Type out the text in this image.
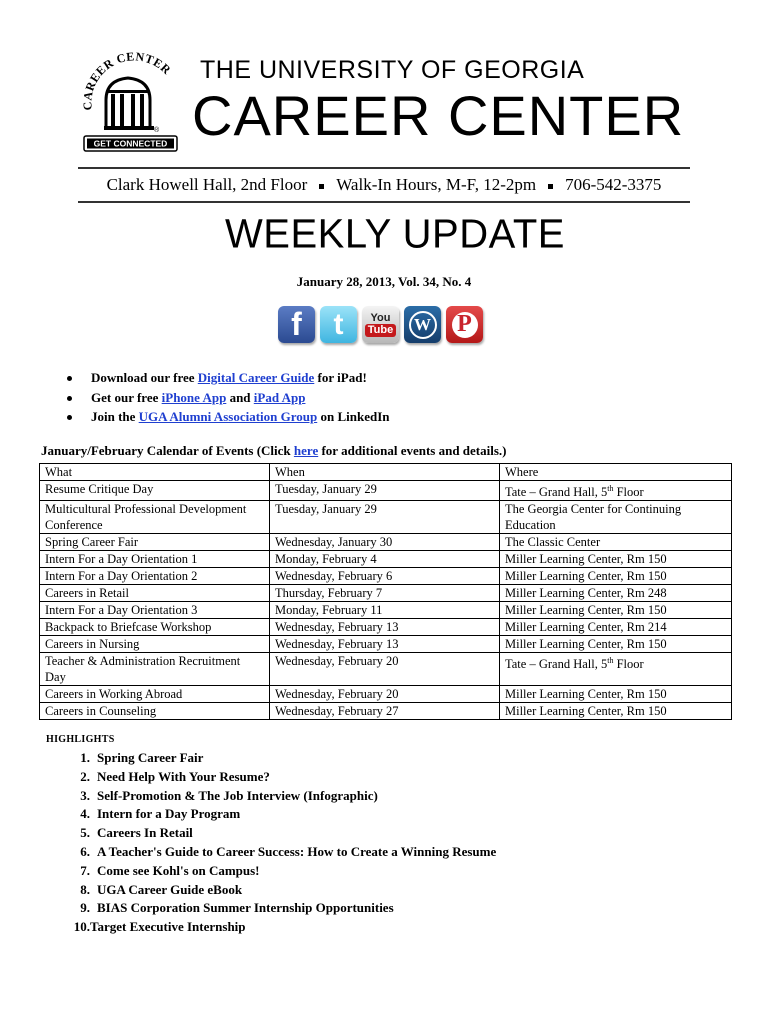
CAREER CENTER
®
GET CONNECTED
THE UNIVERSITY OF GEORGIA
CAREER CENTER
Clark Howell Hall, 2nd Floor Walk-In Hours, M-F, 12-2pm 706-542-3375
WEEKLY UPDATE
January 28, 2013, Vol. 34, No. 4
f t You
Tube W P
Download our free Digital Career Guide for iPad!
Get our free iPhone App and iPad App
Join the UGA Alumni Association Group on LinkedIn
January/February Calendar of Events (Click here for additional events and details.)
What	When	Where
Resume Critique Day	Tuesday, January 29	Tate – Grand Hall, 5th Floor
Multicultural Professional Development Conference	Tuesday, January 29	The Georgia Center for Continuing Education
Spring Career Fair	Wednesday, January 30	The Classic Center
Intern For a Day Orientation 1	Monday, February 4	Miller Learning Center, Rm 150
Intern For a Day Orientation 2	Wednesday, February 6	Miller Learning Center, Rm 150
Careers in Retail	Thursday, February 7	Miller Learning Center, Rm 248
Intern For a Day Orientation 3	Monday, February 11	Miller Learning Center, Rm 150
Backpack to Briefcase Workshop	Wednesday, February 13	Miller Learning Center, Rm 214
Careers in Nursing	Wednesday, February 13	Miller Learning Center, Rm 150
Teacher & Administration Recruitment Day	Wednesday, February 20	Tate – Grand Hall, 5th Floor
Careers in Working Abroad	Wednesday, February 20	Miller Learning Center, Rm 150
Careers in Counseling	Wednesday, February 27	Miller Learning Center, Rm 150
HIGHLIGHTS
1. Spring Career Fair
2. Need Help With Your Resume?
3. Self-Promotion & The Job Interview (Infographic)
4. Intern for a Day Program
5. Careers In Retail
6. A Teacher's Guide to Career Success: How to Create a Winning Resume
7. Come see Kohl's on Campus!
8. UGA Career Guide eBook
9. BIAS Corporation Summer Internship Opportunities
10. Target Executive Internship
